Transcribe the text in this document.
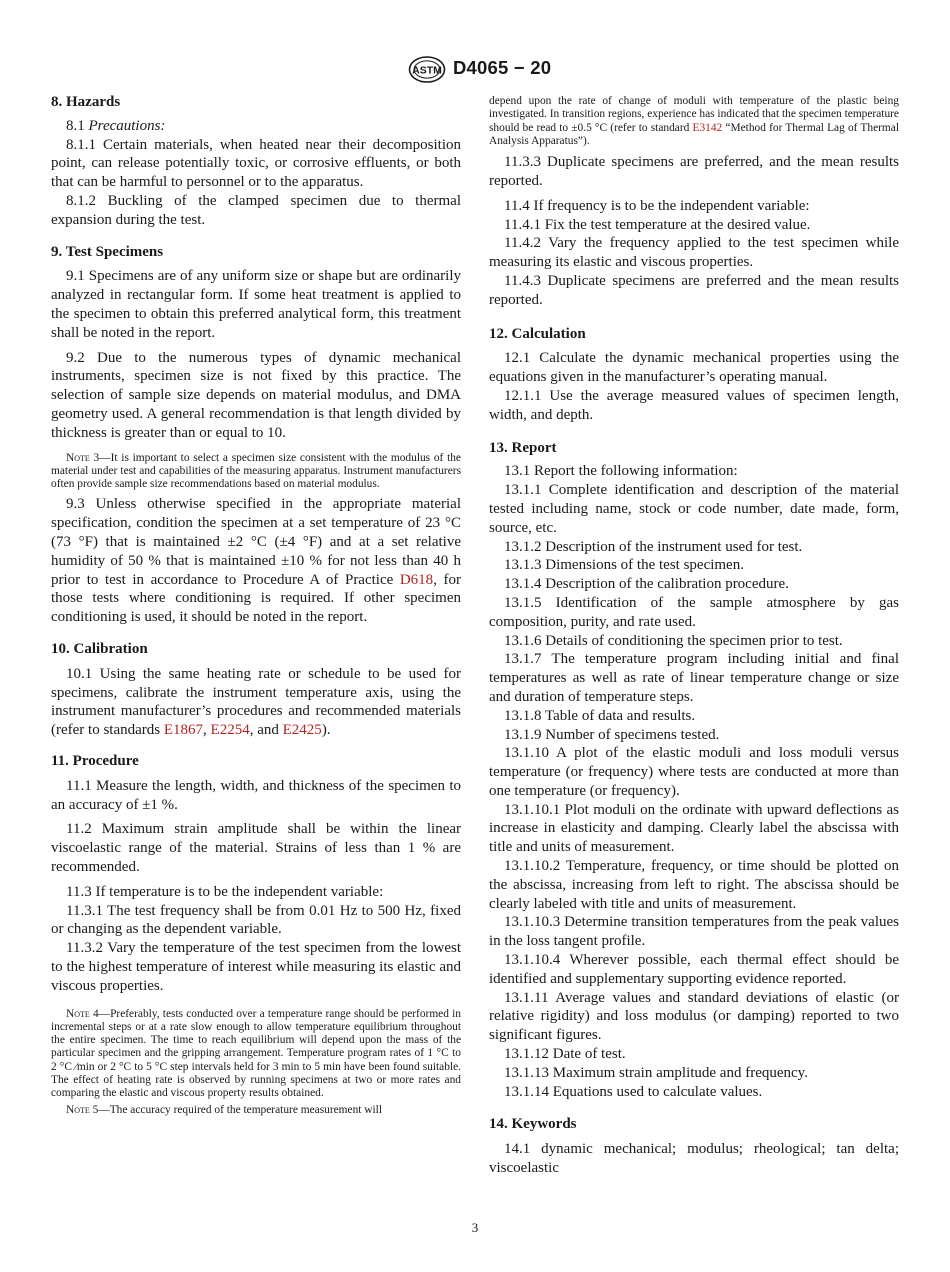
ASTM D4065 − 20

8. Hazards

8.1 Precautions:

8.1.1 Certain materials, when heated near their decomposition point, can release potentially toxic, or corrosive effluents, or both that can be harmful to personnel or to the apparatus.

8.1.2 Buckling of the clamped specimen due to thermal expansion during the test.

9. Test Specimens

9.1 Specimens are of any uniform size or shape but are ordinarily analyzed in rectangular form. If some heat treatment is applied to the specimen to obtain this preferred analytical form, this treatment shall be noted in the report.

9.2 Due to the numerous types of dynamic mechanical instruments, specimen size is not fixed by this practice. The selection of sample size depends on material modulus, and DMA geometry used. A general recommendation is that length divided by thickness is greater than or equal to 10.

Note 3—It is important to select a specimen size consistent with the modulus of the material under test and capabilities of the measuring apparatus. Instrument manufacturers often provide sample size recommendations based on material modulus.

9.3 Unless otherwise specified in the appropriate material specification, condition the specimen at a set temperature of 23 °C (73 °F) that is maintained ±2 °C (±4 °F) and at a set relative humidity of 50 % that is maintained ±10 % for not less than 40 h prior to test in accordance to Procedure A of Practice D618, for those tests where conditioning is required. If other specimen conditioning is used, it should be noted in the report.

10. Calibration

10.1 Using the same heating rate or schedule to be used for specimens, calibrate the instrument temperature axis, using the instrument manufacturer’s procedures and recommended materials (refer to standards E1867, E2254, and E2425).

11. Procedure

11.1 Measure the length, width, and thickness of the specimen to an accuracy of ±1 %.

11.2 Maximum strain amplitude shall be within the linear viscoelastic range of the material. Strains of less than 1 % are recommended.

11.3 If temperature is to be the independent variable:

11.3.1 The test frequency shall be from 0.01 Hz to 500 Hz, fixed or changing as the dependent variable.

11.3.2 Vary the temperature of the test specimen from the lowest to the highest temperature of interest while measuring its elastic and viscous properties.

Note 4—Preferably, tests conducted over a temperature range should be performed in incremental steps or at a rate slow enough to allow temperature equilibrium throughout the entire specimen. The time to reach equilibrium will depend upon the mass of the particular specimen and the gripping arrangement. Temperature program rates of 1 °C to 2 °C ⁄min or 2 °C to 5 °C step intervals held for 3 min to 5 min have been found suitable. The effect of heating rate is observed by running specimens at two or more rates and comparing the elastic and viscous property results obtained.

Note 5—The accuracy required of the temperature measurement will

depend upon the rate of change of moduli with temperature of the plastic being investigated. In transition regions, experience has indicated that the specimen temperature should be read to ±0.5 °C (refer to standard E3142 “Method for Thermal Lag of Thermal Analysis Apparatus”).

11.3.3 Duplicate specimens are preferred, and the mean results reported.

11.4 If frequency is to be the independent variable:

11.4.1 Fix the test temperature at the desired value.

11.4.2 Vary the frequency applied to the test specimen while measuring its elastic and viscous properties.

11.4.3 Duplicate specimens are preferred and the mean results reported.

12. Calculation

12.1 Calculate the dynamic mechanical properties using the equations given in the manufacturer’s operating manual.

12.1.1 Use the average measured values of specimen length, width, and depth.

13. Report

13.1 Report the following information:

13.1.1 Complete identification and description of the material tested including name, stock or code number, date made, form, source, etc.

13.1.2 Description of the instrument used for test.

13.1.3 Dimensions of the test specimen.

13.1.4 Description of the calibration procedure.

13.1.5 Identification of the sample atmosphere by gas composition, purity, and rate used.

13.1.6 Details of conditioning the specimen prior to test.

13.1.7 The temperature program including initial and final temperatures as well as rate of linear temperature change or size and duration of temperature steps.

13.1.8 Table of data and results.

13.1.9 Number of specimens tested.

13.1.10 A plot of the elastic moduli and loss moduli versus temperature (or frequency) where tests are conducted at more than one temperature (or frequency).

13.1.10.1 Plot moduli on the ordinate with upward deflections as increase in elasticity and damping. Clearly label the abscissa with title and units of measurement.

13.1.10.2 Temperature, frequency, or time should be plotted on the abscissa, increasing from left to right. The abscissa should be clearly labeled with title and units of measurement.

13.1.10.3 Determine transition temperatures from the peak values in the loss tangent profile.

13.1.10.4 Wherever possible, each thermal effect should be identified and supplementary supporting evidence reported.

13.1.11 Average values and standard deviations of elastic (or relative rigidity) and loss modulus (or damping) reported to two significant figures.

13.1.12 Date of test.

13.1.13 Maximum strain amplitude and frequency.

13.1.14 Equations used to calculate values.

14. Keywords

14.1 dynamic mechanical; modulus; rheological; tan delta; viscoelastic

3
